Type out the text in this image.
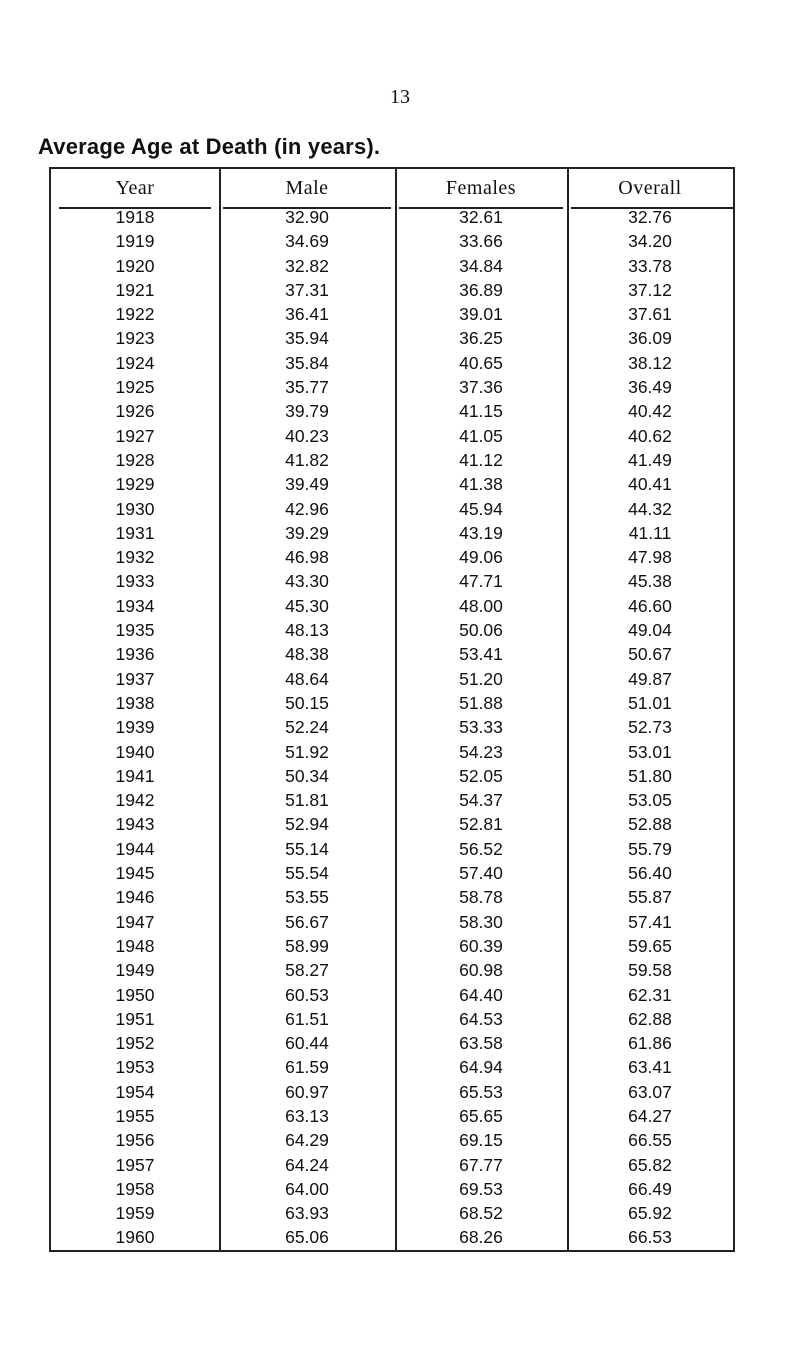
13
Average Age at Death (in years).
Year	Male	Females	Overall
1918	32.90	32.61	32.76
1919	34.69	33.66	34.20
1920	32.82	34.84	33.78
1921	37.31	36.89	37.12
1922	36.41	39.01	37.61
1923	35.94	36.25	36.09
1924	35.84	40.65	38.12
1925	35.77	37.36	36.49
1926	39.79	41.15	40.42
1927	40.23	41.05	40.62
1928	41.82	41.12	41.49
1929	39.49	41.38	40.41
1930	42.96	45.94	44.32
1931	39.29	43.19	41.11
1932	46.98	49.06	47.98
1933	43.30	47.71	45.38
1934	45.30	48.00	46.60
1935	48.13	50.06	49.04
1936	48.38	53.41	50.67
1937	48.64	51.20	49.87
1938	50.15	51.88	51.01
1939	52.24	53.33	52.73
1940	51.92	54.23	53.01
1941	50.34	52.05	51.80
1942	51.81	54.37	53.05
1943	52.94	52.81	52.88
1944	55.14	56.52	55.79
1945	55.54	57.40	56.40
1946	53.55	58.78	55.87
1947	56.67	58.30	57.41
1948	58.99	60.39	59.65
1949	58.27	60.98	59.58
1950	60.53	64.40	62.31
1951	61.51	64.53	62.88
1952	60.44	63.58	61.86
1953	61.59	64.94	63.41
1954	60.97	65.53	63.07
1955	63.13	65.65	64.27
1956	64.29	69.15	66.55
1957	64.24	67.77	65.82
1958	64.00	69.53	66.49
1959	63.93	68.52	65.92
1960	65.06	68.26	66.53
